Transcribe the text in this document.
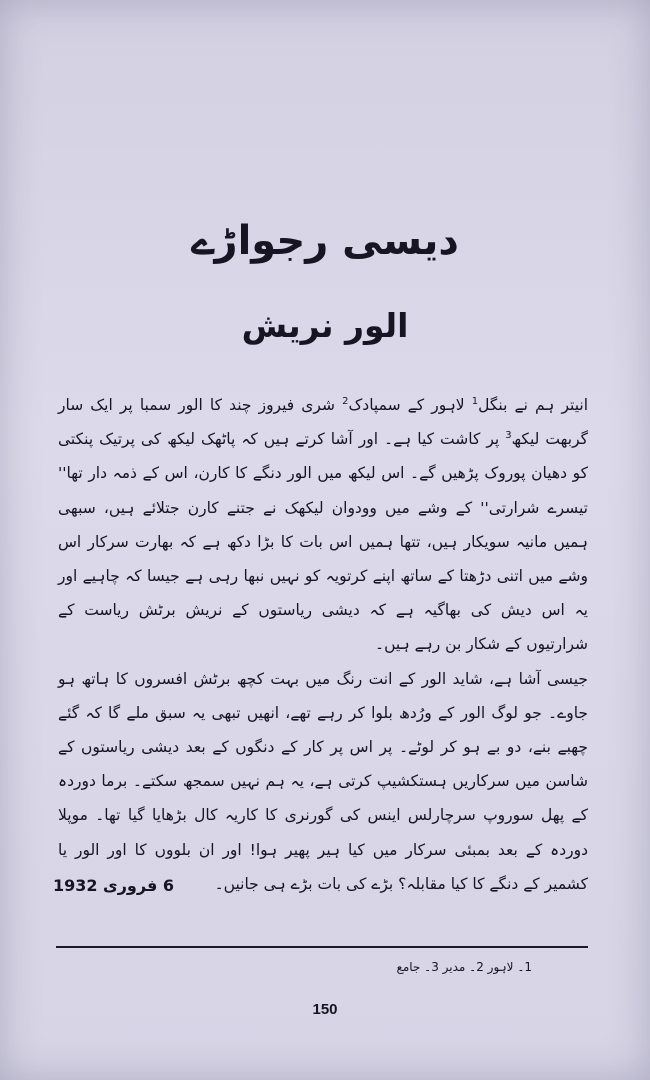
دیسی رجواڑے
الور نریش

انیتر ہم نے بنگل$^1$ لاہور کے سمپادک$^2$ شری فیروز چند کا الور سمبا پر ایک سار گربھت لیکھ$^3$ پر کاشت کیا ہے۔ اور آشا کرتے ہیں کہ پاٹھک لیکھ کی پرتیک پنکتی کو دھیان پوروک پڑھیں گے۔ اس لیکھ میں الور دنگے کا کارن، اس کے ذمہ دار تھا'' تیسرے شرارتی'' کے وشے میں وودوان لیکھک نے جتنے کارن جتلائے ہیں، سبھی ہمیں مانیہ سویکار ہیں، تتھا ہمیں اس بات کا بڑا دکھ ہے کہ بھارت سرکار اس وشے میں اتنی دڑھتا کے ساتھ اپنے کرتویہ کو نہیں نبھا رہی ہے جیسا کہ چاہیے اور یہ اس دیش کی بھاگیہ ہے کہ دیشی ریاستوں کے نریش برٹش ریاست کے شرارتیوں کے شکار بن رہے ہیں۔

جیسی آشا ہے، شاید الور کے انت رنگ میں بہت کچھ برٹش افسروں کا ہاتھ ہو جاوے۔ جو لوگ الور کے ورُدھ بلوا کر رہے تھے، انھیں تبھی یہ سبق ملے گا کہ گئے چھبے بنے، دو بے ہو کر لوٹے۔ پر اس پر کار کے دنگوں کے بعد دیشی ریاستوں کے شاسن میں سرکاریں ہستکشیپ کرتی ہے، یہ ہم نہیں سمجھ سکتے۔ برما دوردہ کے پھل سوروپ سرچارلس اینس کی گورنری کا کاریہ کال بڑھایا گیا تھا۔ موپلا دوردہ کے بعد بمبئی سرکار میں کیا ہیر پھیر ہوا! اور ان بلووں کا اور الور یا کشمیر کے دنگے کا کیا مقابلہ؟ بڑے کی بات بڑے ہی جانیں۔

6 فروری 1932
1۔ لاہور 2۔ مدیر 3۔ جامع
150
